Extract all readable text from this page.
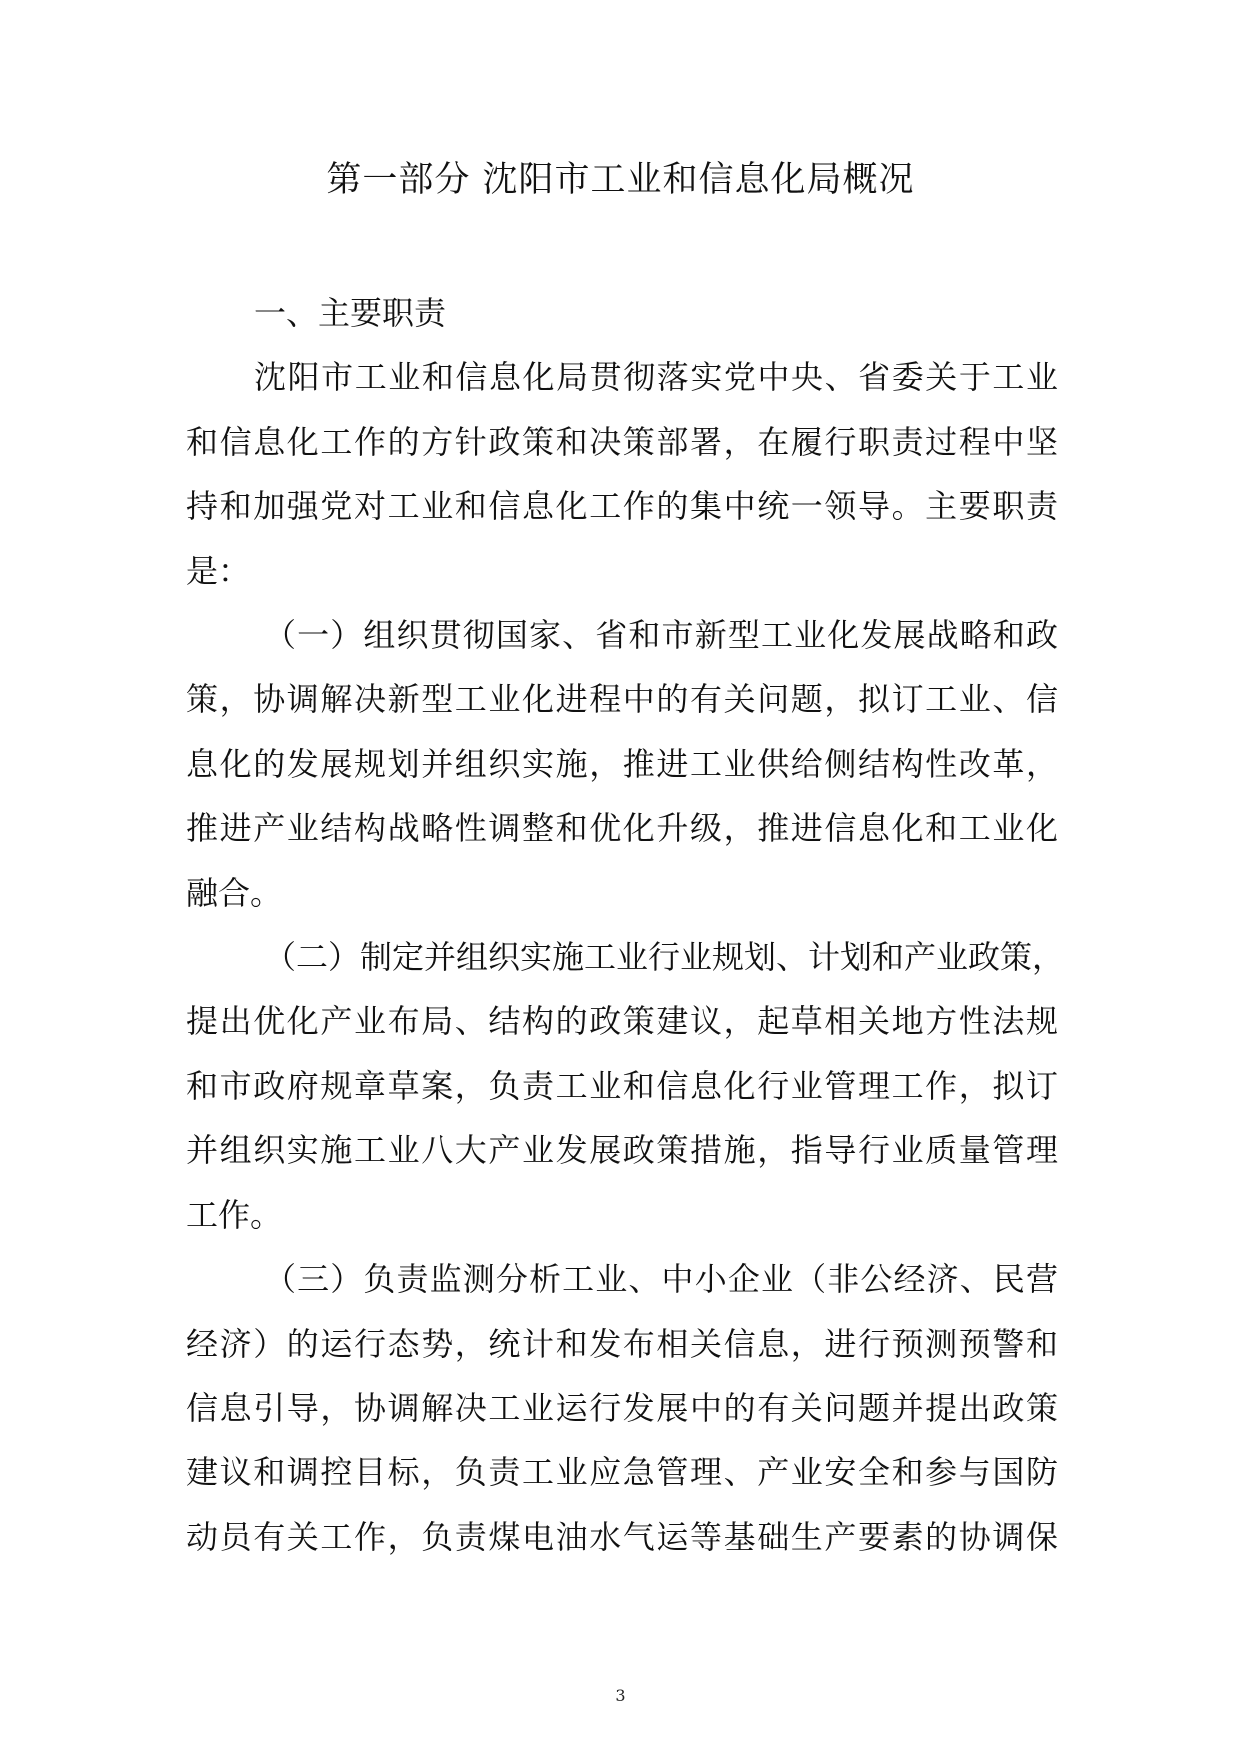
第一部分 沈阳市工业和信息化局概况
一、主要职责
沈阳市工业和信息化局贯彻落实党中央、省委关于工业
和信息化工作的方针政策和决策部署，在履行职责过程中坚
持和加强党对工业和信息化工作的集中统一领导。主要职责
是：
（一）组织贯彻国家、省和市新型工业化发展战略和政
策，协调解决新型工业化进程中的有关问题，拟订工业、信
息化的发展规划并组织实施，推进工业供给侧结构性改革，
推进产业结构战略性调整和优化升级，推进信息化和工业化
融合。
（二）制定并组织实施工业行业规划、计划和产业政策，
提出优化产业布局、结构的政策建议，起草相关地方性法规
和市政府规章草案，负责工业和信息化行业管理工作，拟订
并组织实施工业八大产业发展政策措施，指导行业质量管理
工作。
（三）负责监测分析工业、中小企业（非公经济、民营
经济）的运行态势，统计和发布相关信息，进行预测预警和
信息引导，协调解决工业运行发展中的有关问题并提出政策
建议和调控目标，负责工业应急管理、产业安全和参与国防
动员有关工作，负责煤电油水气运等基础生产要素的协调保
3
